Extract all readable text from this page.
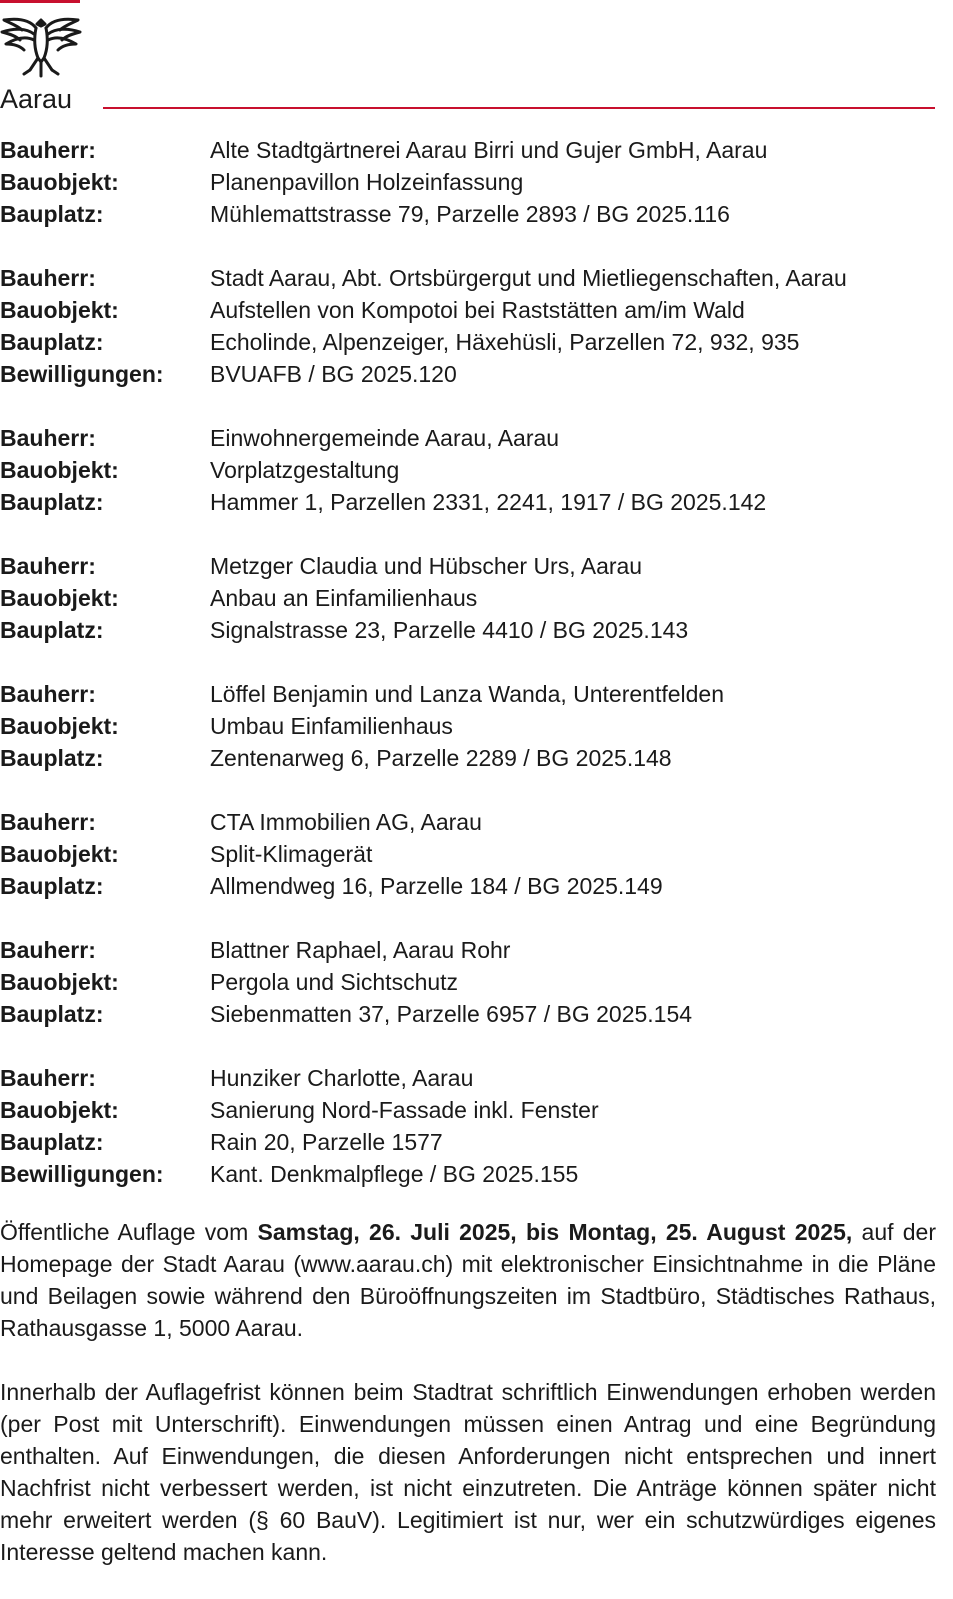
Aarau
Bauherr:	Alte Stadtgärtnerei Aarau Birri und Gujer GmbH, Aarau
Bauobjekt:	Planenpavillon Holzeinfassung
Bauplatz:	Mühlemattstrasse 79, Parzelle 2893 / BG 2025.116
Bauherr:	Stadt Aarau, Abt. Ortsbürgergut und Mietliegenschaften, Aarau
Bauobjekt:	Aufstellen von Kompotoi bei Raststätten am/im Wald
Bauplatz:	Echolinde, Alpenzeiger, Häxehüsli, Parzellen 72, 932, 935
Bewilligungen:	BVUAFB / BG 2025.120
Bauherr:	Einwohnergemeinde Aarau, Aarau
Bauobjekt:	Vorplatzgestaltung
Bauplatz:	Hammer 1, Parzellen 2331, 2241, 1917 / BG 2025.142
Bauherr:	Metzger Claudia und Hübscher Urs, Aarau
Bauobjekt:	Anbau an Einfamilienhaus
Bauplatz:	Signalstrasse 23, Parzelle 4410 / BG 2025.143
Bauherr:	Löffel Benjamin und Lanza Wanda, Unterentfelden
Bauobjekt:	Umbau Einfamilienhaus
Bauplatz:	Zentenarweg 6, Parzelle 2289 / BG 2025.148
Bauherr:	CTA Immobilien AG, Aarau
Bauobjekt:	Split-Klimagerät
Bauplatz:	Allmendweg 16, Parzelle 184 / BG 2025.149
Bauherr:	Blattner Raphael, Aarau Rohr
Bauobjekt:	Pergola und Sichtschutz
Bauplatz:	Siebenmatten 37, Parzelle 6957 / BG 2025.154
Bauherr:	Hunziker Charlotte, Aarau
Bauobjekt:	Sanierung Nord-Fassade inkl. Fenster
Bauplatz:	Rain 20, Parzelle 1577
Bewilligungen:	Kant. Denkmalpflege / BG 2025.155

Öffentliche Auflage vom Samstag, 26. Juli 2025, bis Montag, 25. August 2025, auf der Homepage der Stadt Aarau (www.aarau.ch) mit elektronischer Einsichtnahme in die Pläne und Beilagen sowie während den Büroöffnungszeiten im Stadtbüro, Städtisches Rathaus, Rathausgasse 1, 5000 Aarau.

Innerhalb der Auflagefrist können beim Stadtrat schriftlich Einwendungen erhoben werden (per Post mit Unterschrift). Einwendungen müssen einen Antrag und eine Begründung enthalten. Auf Einwendungen, die diesen Anforderungen nicht entsprechen und innert Nachfrist nicht verbessert werden, ist nicht einzutreten. Die Anträge können später nicht mehr erweitert werden (§ 60 BauV). Legitimiert ist nur, wer ein schutzwürdiges eigenes Interesse geltend machen kann.
